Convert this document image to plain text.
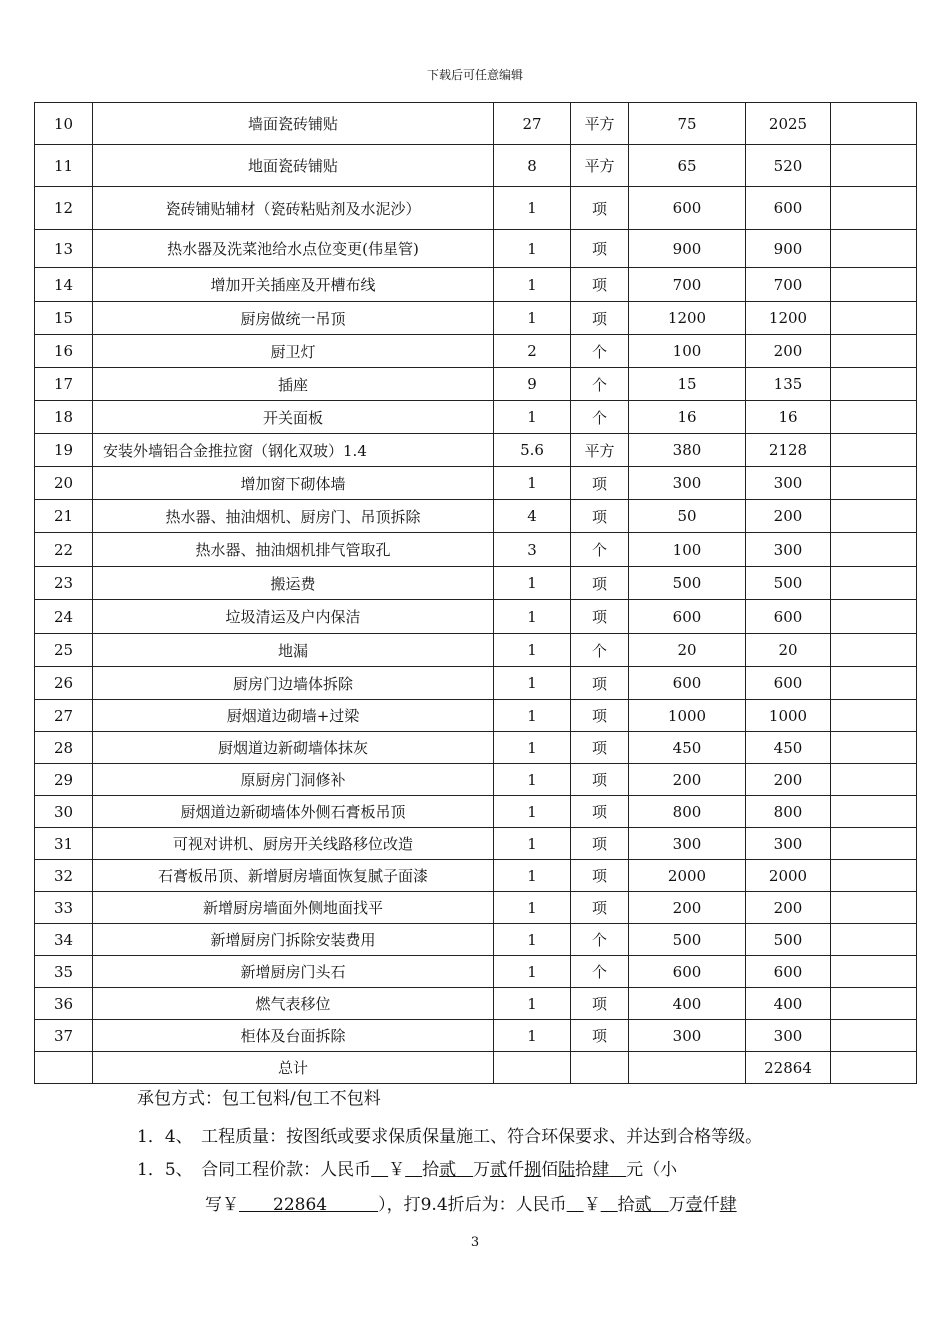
下载后可任意编辑
10	墙面瓷砖铺贴	27	平方	75	2025	
11	地面瓷砖铺贴	8	平方	65	520	
12	瓷砖铺贴辅材（瓷砖粘贴剂及水泥沙）	1	项	600	600	
13	热水器及洗菜池给水点位变更(伟星管)	1	项	900	900	
14	增加开关插座及开槽布线	1	项	700	700	
15	厨房做统一吊顶	1	项	1200	1200	
16	厨卫灯	2	个	100	200	
17	插座	9	个	15	135	
18	开关面板	1	个	16	16	
19	安装外墙铝合金推拉窗（钢化双玻）1.4	5.6	平方	380	2128	
20	增加窗下砌体墙	1	项	300	300	
21	热水器、抽油烟机、厨房门、吊顶拆除	4	项	50	200	
22	热水器、抽油烟机排气管取孔	3	个	100	300	
23	搬运费	1	项	500	500	
24	垃圾清运及户内保洁	1	项	600	600	
25	地漏	1	个	20	20	
26	厨房门边墙体拆除	1	项	600	600	
27	厨烟道边砌墙+过梁	1	项	1000	1000	
28	厨烟道边新砌墙体抹灰	1	项	450	450	
29	原厨房门洞修补	1	项	200	200	
30	厨烟道边新砌墙体外侧石膏板吊顶	1	项	800	800	
31	可视对讲机、厨房开关线路移位改造	1	项	300	300	
32	石膏板吊顶、新增厨房墙面恢复腻子面漆	1	项	2000	2000	
33	新增厨房墙面外侧地面找平	1	项	200	200	
34	新增厨房门拆除安装费用	1	个	500	500	
35	新增厨房门头石	1	个	600	600	
36	燃气表移位	1	项	400	400	
37	柜体及台面拆除	1	项	300	300	
	总计				22864	
承包方式：包工包料/包工不包料
1．4、　工程质量：按图纸或要求保质保量施工、符合环保要求、并达到合格等级。
1．5、　合同工程价款：人民币　 ￥　 拾贰　 万贰仟捌佰陆拾肆　 元（小
写￥　　22864　　　），打9.4折后为：人民币　 ￥　 拾贰　 万壹仟肆
3
